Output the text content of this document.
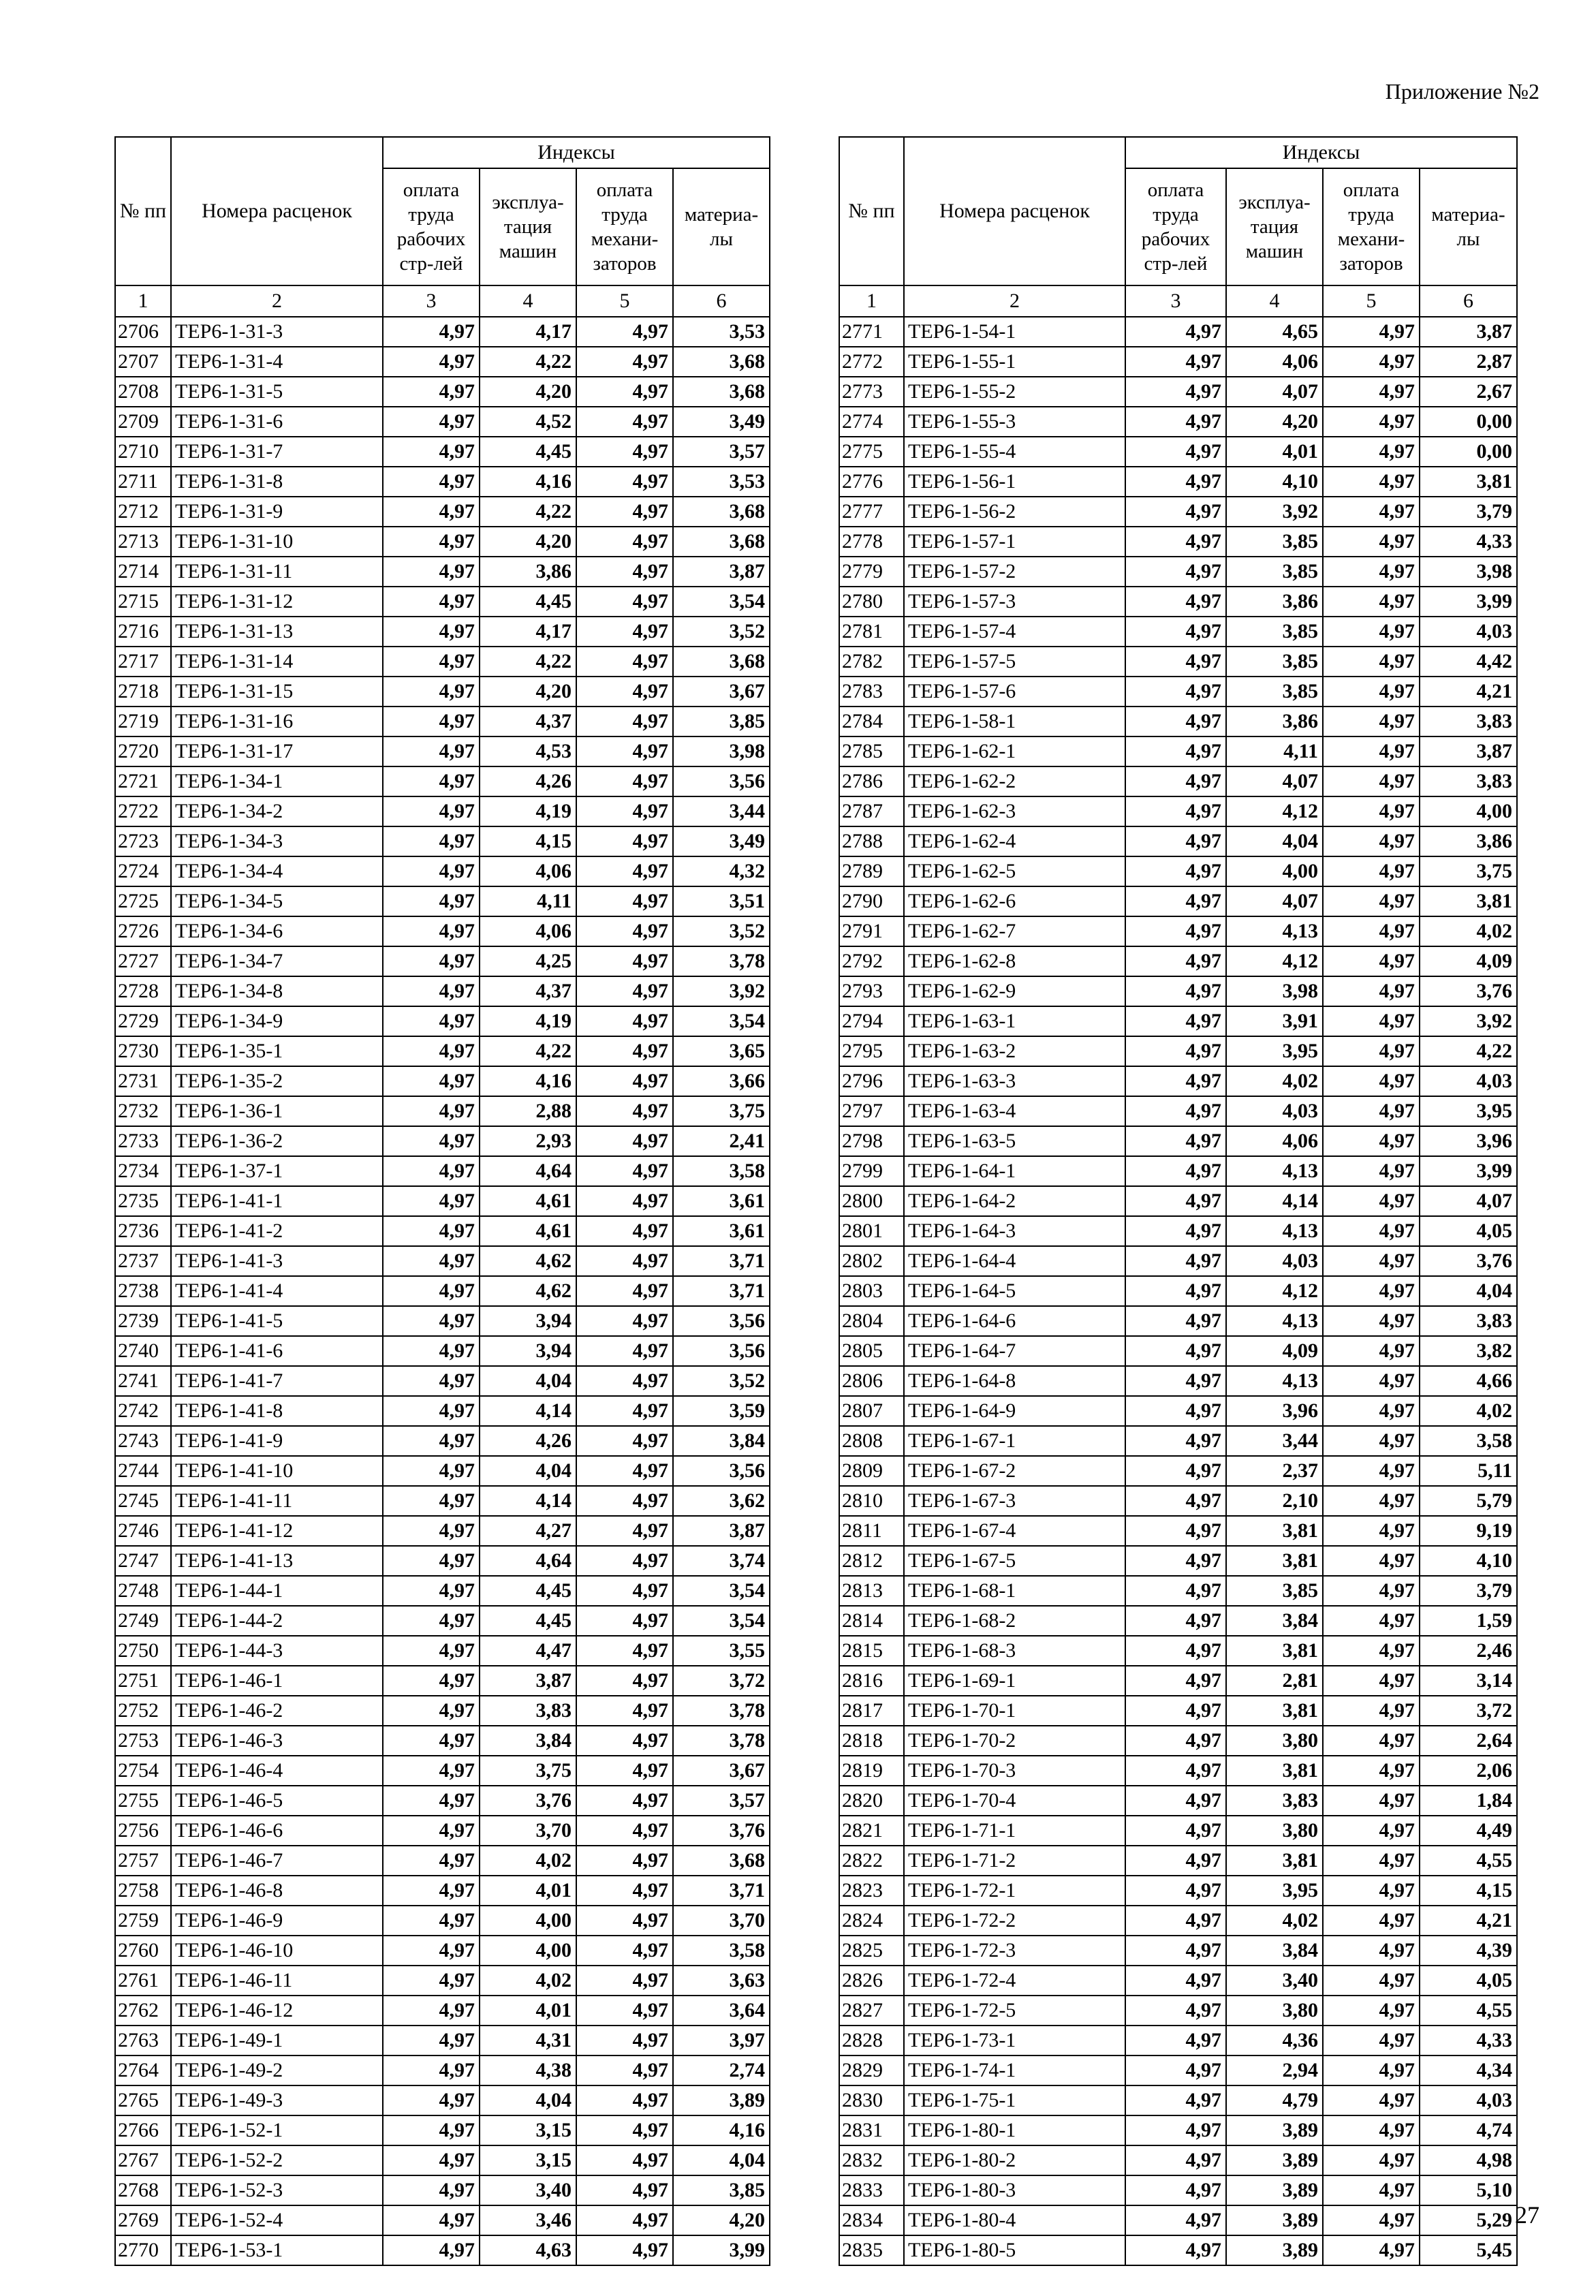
Приложение №2
№ пп	Номера расценок	Индексы			
		оплата труда рабочих стр-лей	эксплуа-тация машин	оплата труда механи-заторов	материа-лы
1	2	3	4	5	6
2706	ТЕР6-1-31-3	4,97	4,17	4,97	3,53
2707	ТЕР6-1-31-4	4,97	4,22	4,97	3,68
2708	ТЕР6-1-31-5	4,97	4,20	4,97	3,68
2709	ТЕР6-1-31-6	4,97	4,52	4,97	3,49
2710	ТЕР6-1-31-7	4,97	4,45	4,97	3,57
2711	ТЕР6-1-31-8	4,97	4,16	4,97	3,53
2712	ТЕР6-1-31-9	4,97	4,22	4,97	3,68
2713	ТЕР6-1-31-10	4,97	4,20	4,97	3,68
2714	ТЕР6-1-31-11	4,97	3,86	4,97	3,87
2715	ТЕР6-1-31-12	4,97	4,45	4,97	3,54
2716	ТЕР6-1-31-13	4,97	4,17	4,97	3,52
2717	ТЕР6-1-31-14	4,97	4,22	4,97	3,68
2718	ТЕР6-1-31-15	4,97	4,20	4,97	3,67
2719	ТЕР6-1-31-16	4,97	4,37	4,97	3,85
2720	ТЕР6-1-31-17	4,97	4,53	4,97	3,98
2721	ТЕР6-1-34-1	4,97	4,26	4,97	3,56
2722	ТЕР6-1-34-2	4,97	4,19	4,97	3,44
2723	ТЕР6-1-34-3	4,97	4,15	4,97	3,49
2724	ТЕР6-1-34-4	4,97	4,06	4,97	4,32
2725	ТЕР6-1-34-5	4,97	4,11	4,97	3,51
2726	ТЕР6-1-34-6	4,97	4,06	4,97	3,52
2727	ТЕР6-1-34-7	4,97	4,25	4,97	3,78
2728	ТЕР6-1-34-8	4,97	4,37	4,97	3,92
2729	ТЕР6-1-34-9	4,97	4,19	4,97	3,54
2730	ТЕР6-1-35-1	4,97	4,22	4,97	3,65
2731	ТЕР6-1-35-2	4,97	4,16	4,97	3,66
2732	ТЕР6-1-36-1	4,97	2,88	4,97	3,75
2733	ТЕР6-1-36-2	4,97	2,93	4,97	2,41
2734	ТЕР6-1-37-1	4,97	4,64	4,97	3,58
2735	ТЕР6-1-41-1	4,97	4,61	4,97	3,61
2736	ТЕР6-1-41-2	4,97	4,61	4,97	3,61
2737	ТЕР6-1-41-3	4,97	4,62	4,97	3,71
2738	ТЕР6-1-41-4	4,97	4,62	4,97	3,71
2739	ТЕР6-1-41-5	4,97	3,94	4,97	3,56
2740	ТЕР6-1-41-6	4,97	3,94	4,97	3,56
2741	ТЕР6-1-41-7	4,97	4,04	4,97	3,52
2742	ТЕР6-1-41-8	4,97	4,14	4,97	3,59
2743	ТЕР6-1-41-9	4,97	4,26	4,97	3,84
2744	ТЕР6-1-41-10	4,97	4,04	4,97	3,56
2745	ТЕР6-1-41-11	4,97	4,14	4,97	3,62
2746	ТЕР6-1-41-12	4,97	4,27	4,97	3,87
2747	ТЕР6-1-41-13	4,97	4,64	4,97	3,74
2748	ТЕР6-1-44-1	4,97	4,45	4,97	3,54
2749	ТЕР6-1-44-2	4,97	4,45	4,97	3,54
2750	ТЕР6-1-44-3	4,97	4,47	4,97	3,55
2751	ТЕР6-1-46-1	4,97	3,87	4,97	3,72
2752	ТЕР6-1-46-2	4,97	3,83	4,97	3,78
2753	ТЕР6-1-46-3	4,97	3,84	4,97	3,78
2754	ТЕР6-1-46-4	4,97	3,75	4,97	3,67
2755	ТЕР6-1-46-5	4,97	3,76	4,97	3,57
2756	ТЕР6-1-46-6	4,97	3,70	4,97	3,76
2757	ТЕР6-1-46-7	4,97	4,02	4,97	3,68
2758	ТЕР6-1-46-8	4,97	4,01	4,97	3,71
2759	ТЕР6-1-46-9	4,97	4,00	4,97	3,70
2760	ТЕР6-1-46-10	4,97	4,00	4,97	3,58
2761	ТЕР6-1-46-11	4,97	4,02	4,97	3,63
2762	ТЕР6-1-46-12	4,97	4,01	4,97	3,64
2763	ТЕР6-1-49-1	4,97	4,31	4,97	3,97
2764	ТЕР6-1-49-2	4,97	4,38	4,97	2,74
2765	ТЕР6-1-49-3	4,97	4,04	4,97	3,89
2766	ТЕР6-1-52-1	4,97	3,15	4,97	4,16
2767	ТЕР6-1-52-2	4,97	3,15	4,97	4,04
2768	ТЕР6-1-52-3	4,97	3,40	4,97	3,85
2769	ТЕР6-1-52-4	4,97	3,46	4,97	4,20
2770	ТЕР6-1-53-1	4,97	4,63	4,97	3,99
№ пп	Номера расценок	Индексы			
		оплата труда рабочих стр-лей	эксплуа-тация машин	оплата труда механи-заторов	материа-лы
1	2	3	4	5	6
2771	ТЕР6-1-54-1	4,97	4,65	4,97	3,87
2772	ТЕР6-1-55-1	4,97	4,06	4,97	2,87
2773	ТЕР6-1-55-2	4,97	4,07	4,97	2,67
2774	ТЕР6-1-55-3	4,97	4,20	4,97	0,00
2775	ТЕР6-1-55-4	4,97	4,01	4,97	0,00
2776	ТЕР6-1-56-1	4,97	4,10	4,97	3,81
2777	ТЕР6-1-56-2	4,97	3,92	4,97	3,79
2778	ТЕР6-1-57-1	4,97	3,85	4,97	4,33
2779	ТЕР6-1-57-2	4,97	3,85	4,97	3,98
2780	ТЕР6-1-57-3	4,97	3,86	4,97	3,99
2781	ТЕР6-1-57-4	4,97	3,85	4,97	4,03
2782	ТЕР6-1-57-5	4,97	3,85	4,97	4,42
2783	ТЕР6-1-57-6	4,97	3,85	4,97	4,21
2784	ТЕР6-1-58-1	4,97	3,86	4,97	3,83
2785	ТЕР6-1-62-1	4,97	4,11	4,97	3,87
2786	ТЕР6-1-62-2	4,97	4,07	4,97	3,83
2787	ТЕР6-1-62-3	4,97	4,12	4,97	4,00
2788	ТЕР6-1-62-4	4,97	4,04	4,97	3,86
2789	ТЕР6-1-62-5	4,97	4,00	4,97	3,75
2790	ТЕР6-1-62-6	4,97	4,07	4,97	3,81
2791	ТЕР6-1-62-7	4,97	4,13	4,97	4,02
2792	ТЕР6-1-62-8	4,97	4,12	4,97	4,09
2793	ТЕР6-1-62-9	4,97	3,98	4,97	3,76
2794	ТЕР6-1-63-1	4,97	3,91	4,97	3,92
2795	ТЕР6-1-63-2	4,97	3,95	4,97	4,22
2796	ТЕР6-1-63-3	4,97	4,02	4,97	4,03
2797	ТЕР6-1-63-4	4,97	4,03	4,97	3,95
2798	ТЕР6-1-63-5	4,97	4,06	4,97	3,96
2799	ТЕР6-1-64-1	4,97	4,13	4,97	3,99
2800	ТЕР6-1-64-2	4,97	4,14	4,97	4,07
2801	ТЕР6-1-64-3	4,97	4,13	4,97	4,05
2802	ТЕР6-1-64-4	4,97	4,03	4,97	3,76
2803	ТЕР6-1-64-5	4,97	4,12	4,97	4,04
2804	ТЕР6-1-64-6	4,97	4,13	4,97	3,83
2805	ТЕР6-1-64-7	4,97	4,09	4,97	3,82
2806	ТЕР6-1-64-8	4,97	4,13	4,97	4,66
2807	ТЕР6-1-64-9	4,97	3,96	4,97	4,02
2808	ТЕР6-1-67-1	4,97	3,44	4,97	3,58
2809	ТЕР6-1-67-2	4,97	2,37	4,97	5,11
2810	ТЕР6-1-67-3	4,97	2,10	4,97	5,79
2811	ТЕР6-1-67-4	4,97	3,81	4,97	9,19
2812	ТЕР6-1-67-5	4,97	3,81	4,97	4,10
2813	ТЕР6-1-68-1	4,97	3,85	4,97	3,79
2814	ТЕР6-1-68-2	4,97	3,84	4,97	1,59
2815	ТЕР6-1-68-3	4,97	3,81	4,97	2,46
2816	ТЕР6-1-69-1	4,97	2,81	4,97	3,14
2817	ТЕР6-1-70-1	4,97	3,81	4,97	3,72
2818	ТЕР6-1-70-2	4,97	3,80	4,97	2,64
2819	ТЕР6-1-70-3	4,97	3,81	4,97	2,06
2820	ТЕР6-1-70-4	4,97	3,83	4,97	1,84
2821	ТЕР6-1-71-1	4,97	3,80	4,97	4,49
2822	ТЕР6-1-71-2	4,97	3,81	4,97	4,55
2823	ТЕР6-1-72-1	4,97	3,95	4,97	4,15
2824	ТЕР6-1-72-2	4,97	4,02	4,97	4,21
2825	ТЕР6-1-72-3	4,97	3,84	4,97	4,39
2826	ТЕР6-1-72-4	4,97	3,40	4,97	4,05
2827	ТЕР6-1-72-5	4,97	3,80	4,97	4,55
2828	ТЕР6-1-73-1	4,97	4,36	4,97	4,33
2829	ТЕР6-1-74-1	4,97	2,94	4,97	4,34
2830	ТЕР6-1-75-1	4,97	4,79	4,97	4,03
2831	ТЕР6-1-80-1	4,97	3,89	4,97	4,74
2832	ТЕР6-1-80-2	4,97	3,89	4,97	4,98
2833	ТЕР6-1-80-3	4,97	3,89	4,97	5,10
2834	ТЕР6-1-80-4	4,97	3,89	4,97	5,29
2835	ТЕР6-1-80-5	4,97	3,89	4,97	5,45
27
